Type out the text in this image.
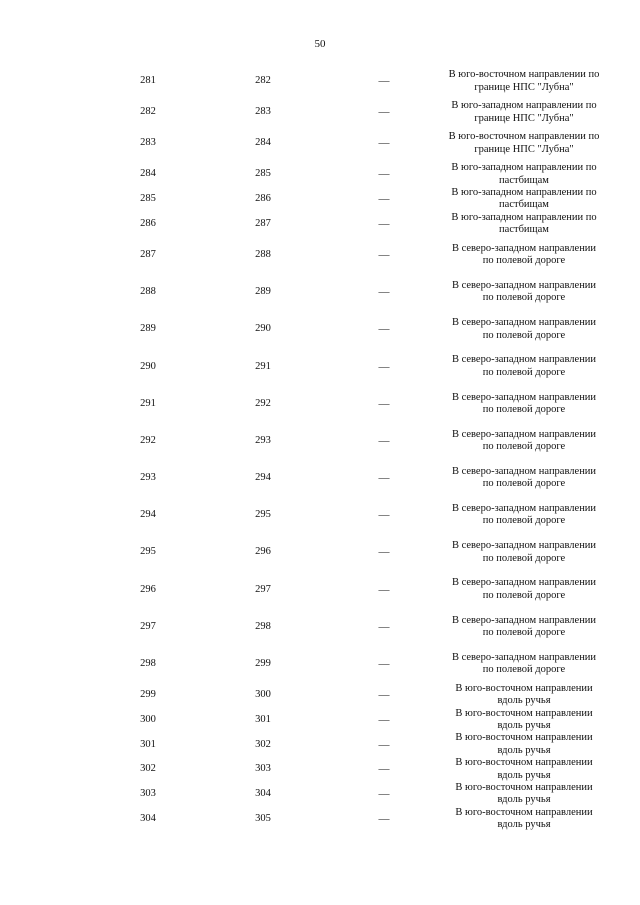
50
281	282	—
В юго-восточном направлении по границе НПС "Лубна"
282	283	—
В юго-западном направлении по границе НПС "Лубна"
283	284	—
В юго-восточном направлении по границе НПС "Лубна"
284	285	—
В юго-западном направлении по пастбищам
285	286	—
В юго-западном направлении по пастбищам
286	287	—
В юго-западном направлении по пастбищам
287	288	—
В северо-западном направлении по полевой дороге
288	289	—
В северо-западном направлении по полевой дороге
289	290	—
В северо-западном направлении по полевой дороге
290	291	—
В северо-западном направлении по полевой дороге
291	292	—
В северо-западном направлении по полевой дороге
292	293	—
В северо-западном направлении по полевой дороге
293	294	—
В северо-западном направлении по полевой дороге
294	295	—
В северо-западном направлении по полевой дороге
295	296	—
В северо-западном направлении по полевой дороге
296	297	—
В северо-западном направлении по полевой дороге
297	298	—
В северо-западном направлении по полевой дороге
298	299	—
В северо-западном направлении по полевой дороге
299	300	—
В юго-восточном направлении вдоль ручья
300	301	—
В юго-восточном направлении вдоль ручья
301	302	—
В юго-восточном направлении вдоль ручья
302	303	—
В юго-восточном направлении вдоль ручья
303	304	—
В юго-восточном направлении вдоль ручья
304	305	—
В юго-восточном направлении вдоль ручья
